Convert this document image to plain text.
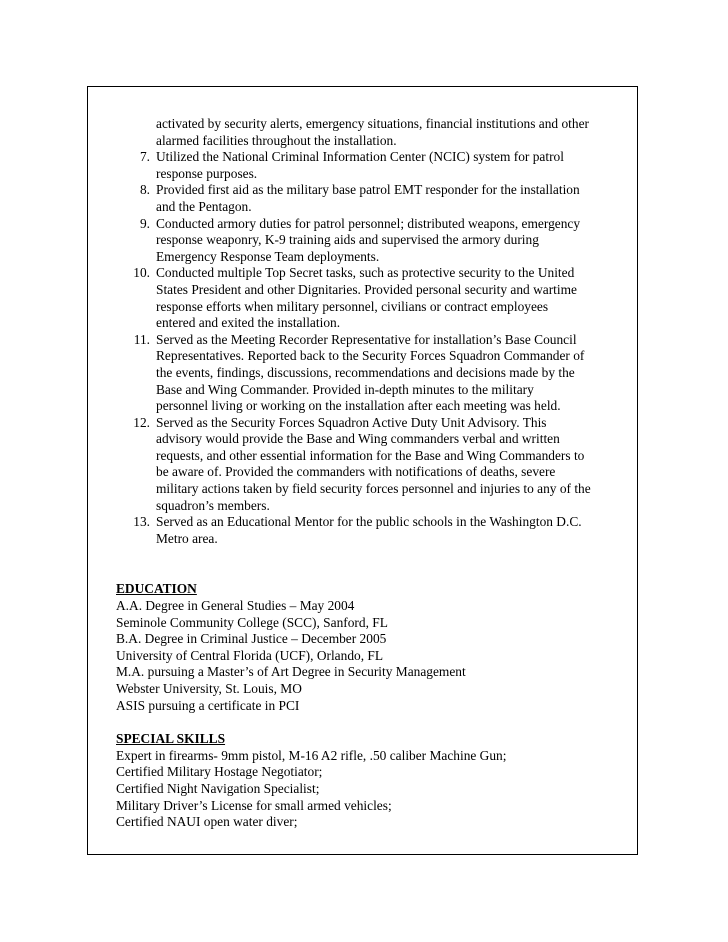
activated by security alerts, emergency situations, financial institutions and other

alarmed facilities throughout the installation.

7. Utilized the National Criminal Information Center (NCIC) system for patrol

response purposes.

8. Provided first aid as the military base patrol EMT responder for the installation

and the Pentagon.

9. Conducted armory duties for patrol personnel; distributed weapons, emergency

response weaponry, K-9 training aids and supervised the armory during

Emergency Response Team deployments.

10. Conducted multiple Top Secret tasks, such as protective security to the United

States President and other Dignitaries. Provided personal security and wartime

response efforts when military personnel, civilians or contract employees

entered and exited the installation.

11. Served as the Meeting Recorder Representative for installation’s Base Council

Representatives. Reported back to the Security Forces Squadron Commander of

the events, findings, discussions, recommendations and decisions made by the

Base and Wing Commander. Provided in-depth minutes to the military

personnel living or working on the installation after each meeting was held.

12. Served as the Security Forces Squadron Active Duty Unit Advisory. This

advisory would provide the Base and Wing commanders verbal and written

requests, and other essential information for the Base and Wing Commanders to

be aware of. Provided the commanders with notifications of deaths, severe

military actions taken by field security forces personnel and injuries to any of the

squadron’s members.

13. Served as an Educational Mentor for the public schools in the Washington D.C.

Metro area.

EDUCATION

A.A. Degree in General Studies – May 2004

Seminole Community College (SCC), Sanford, FL

B.A. Degree in Criminal Justice – December 2005

University of Central Florida (UCF), Orlando, FL

M.A. pursuing a Master’s of Art Degree in Security Management

Webster University, St. Louis, MO

ASIS pursuing a certificate in PCI

SPECIAL SKILLS

Expert in firearms- 9mm pistol, M-16 A2 rifle, .50 caliber Machine Gun;

Certified Military Hostage Negotiator;

Certified Night Navigation Specialist;

Military Driver’s License for small armed vehicles;

Certified NAUI open water diver;
